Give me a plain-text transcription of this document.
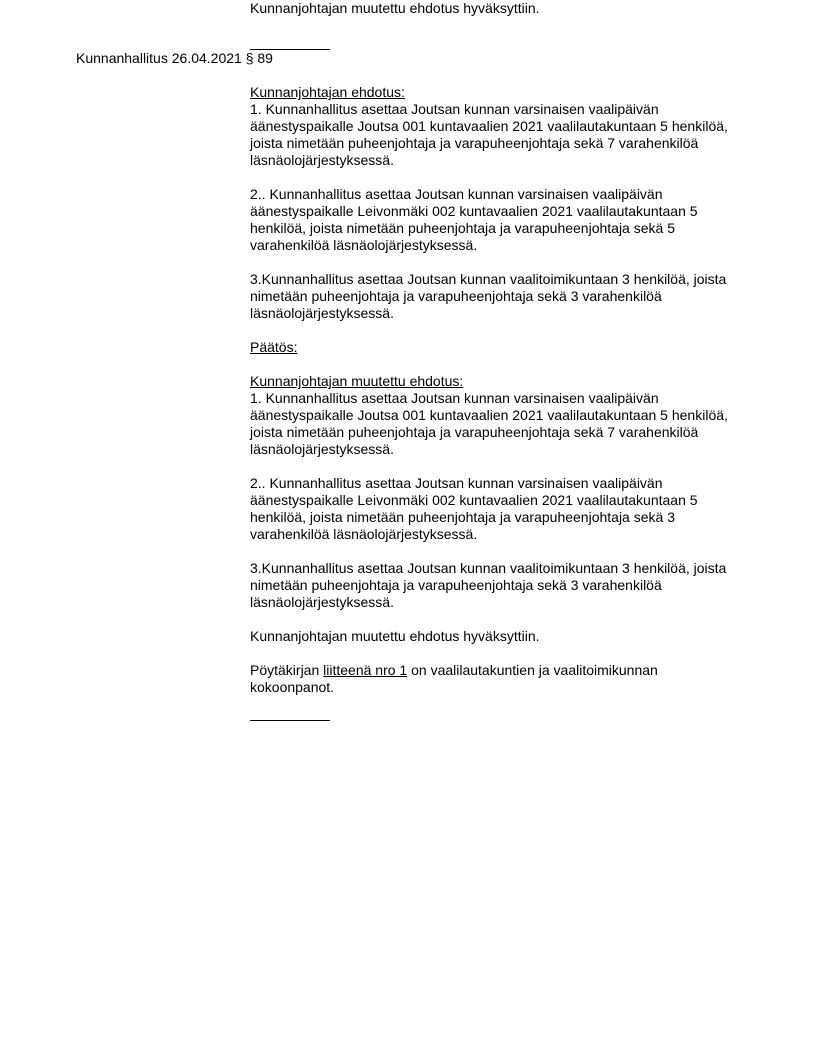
Kunnanjohtajan muutettu ehdotus hyväksyttiin.
Kunnanhallitus 26.04.2021 § 89
Kunnanjohtajan ehdotus:
1. Kunnanhallitus asettaa Joutsan kunnan varsinaisen vaalipäivän äänestyspaikalle Joutsa 001 kuntavaalien 2021 vaalilautakuntaan 5 henkilöä, joista nimetään puheenjohtaja ja varapuheenjohtaja sekä 7 varahenkilöä läsnäolojärjestyksessä.
2.. Kunnanhallitus asettaa Joutsan kunnan varsinaisen vaalipäivän äänestyspaikalle Leivonmäki 002 kuntavaalien 2021 vaalilautakuntaan 5 henkilöä, joista nimetään puheenjohtaja ja varapuheenjohtaja sekä 5 varahenkilöä läsnäolojärjestyksessä.
3.Kunnanhallitus asettaa Joutsan kunnan vaalitoimikuntaan 3 henkilöä, joista nimetään puheenjohtaja ja varapuheenjohtaja sekä 3 varahenkilöä läsnäolojärjestyksessä.
Päätös:
Kunnanjohtajan muutettu ehdotus:
1. Kunnanhallitus asettaa Joutsan kunnan varsinaisen vaalipäivän äänestyspaikalle Joutsa 001 kuntavaalien 2021 vaalilautakuntaan 5 henkilöä, joista nimetään puheenjohtaja ja varapuheenjohtaja sekä 7 varahenkilöä läsnäolojärjestyksessä.
2.. Kunnanhallitus asettaa Joutsan kunnan varsinaisen vaalipäivän äänestyspaikalle Leivonmäki 002 kuntavaalien 2021 vaalilautakuntaan 5 henkilöä, joista nimetään puheenjohtaja ja varapuheenjohtaja sekä 3 varahenkilöä läsnäolojärjestyksessä.
3.Kunnanhallitus asettaa Joutsan kunnan vaalitoimikuntaan 3 henkilöä, joista nimetään puheenjohtaja ja varapuheenjohtaja sekä 3 varahenkilöä läsnäolojärjestyksessä.
Kunnanjohtajan muutettu ehdotus hyväksyttiin.
Pöytäkirjan liitteenä nro 1 on vaalilautakuntien ja vaalitoimikunnan kokoonpanot.
